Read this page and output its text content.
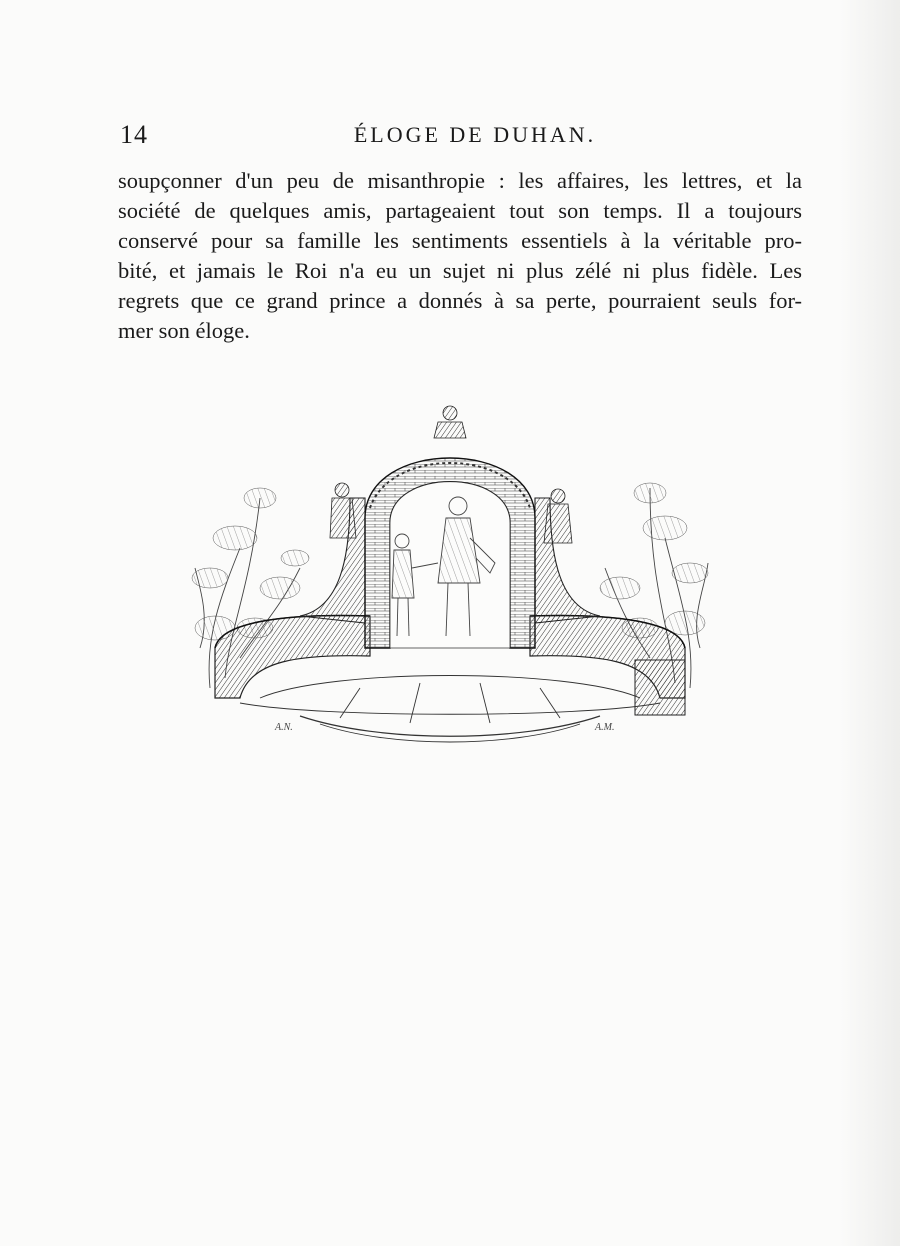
14	ÉLOGE DE DUHAN.
soupçonner d'un peu de misanthropie : les affaires, les lettres, et la
société de quelques amis, partageaient tout son temps. Il a toujours
conservé pour sa famille les sentiments essentiels à la véritable pro-
bité, et jamais le Roi n'a eu un sujet ni plus zélé ni plus fidèle. Les
regrets que ce grand prince a donnés à sa perte, pourraient seuls for-
mer son éloge.
A.N.	A.M.
